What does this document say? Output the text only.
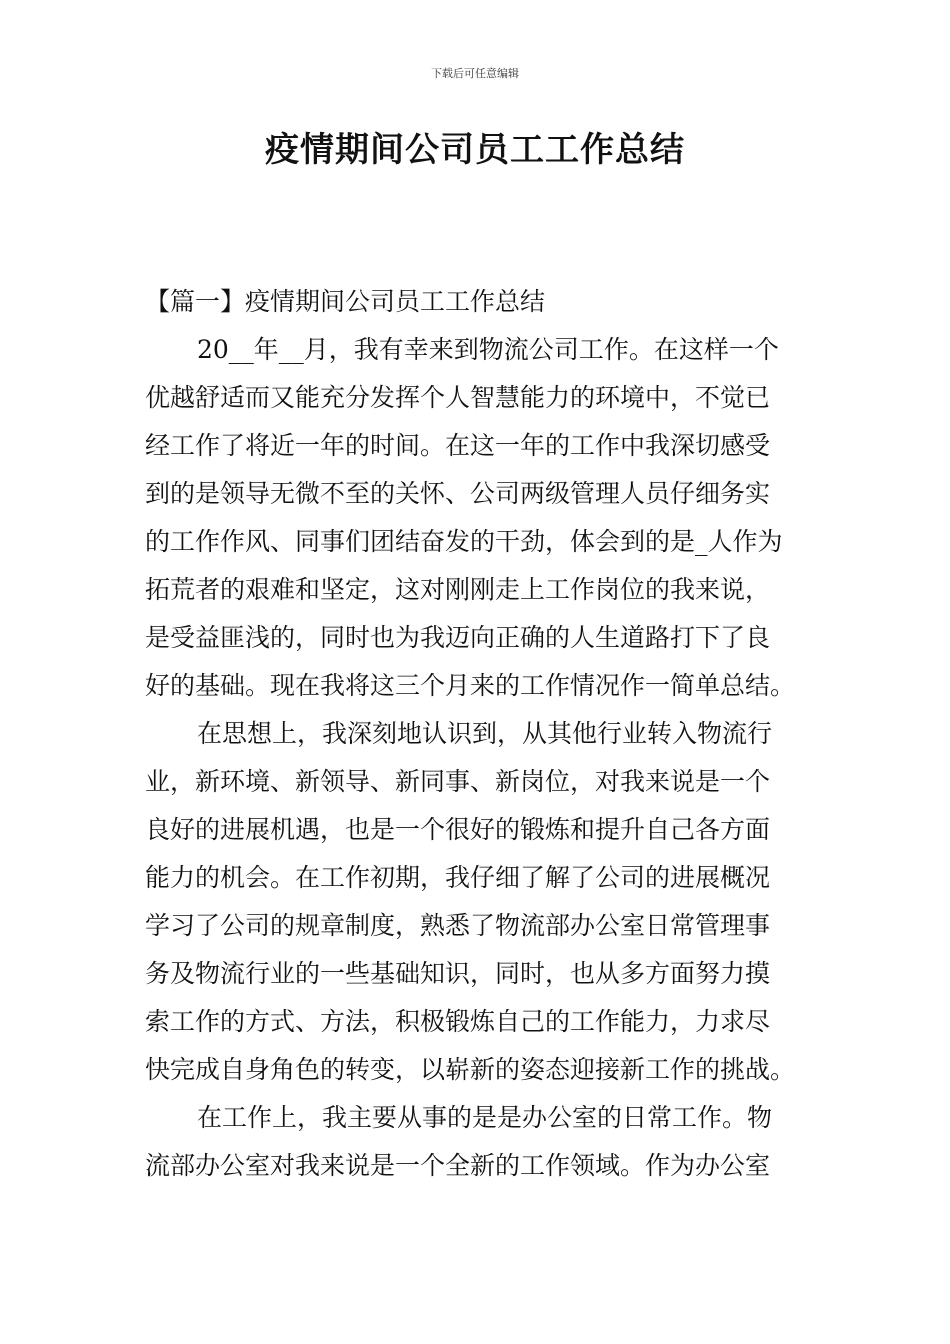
下载后可任意编辑
疫情期间公司员工工作总结
【篇一】疫情期间公司员工工作总结
20__年__月，我有幸来到物流公司工作。在这样一个
优越舒适而又能充分发挥个人智慧能力的环境中，不觉已
经工作了将近一年的时间。在这一年的工作中我深切感受
到的是领导无微不至的关怀、公司两级管理人员仔细务实
的工作作风、同事们团结奋发的干劲，体会到的是_人作为
拓荒者的艰难和坚定，这对刚刚走上工作岗位的我来说，
是受益匪浅的，同时也为我迈向正确的人生道路打下了良
好的基础。现在我将这三个月来的工作情况作一简单总结。
在思想上，我深刻地认识到，从其他行业转入物流行
业，新环境、新领导、新同事、新岗位，对我来说是一个
良好的进展机遇，也是一个很好的锻炼和提升自己各方面
能力的机会。在工作初期，我仔细了解了公司的进展概况
学习了公司的规章制度，熟悉了物流部办公室日常管理事
务及物流行业的一些基础知识，同时，也从多方面努力摸
索工作的方式、方法，积极锻炼自己的工作能力，力求尽
快完成自身角色的转变，以崭新的姿态迎接新工作的挑战。
在工作上，我主要从事的是是办公室的日常工作。物
流部办公室对我来说是一个全新的工作领域。作为办公室
